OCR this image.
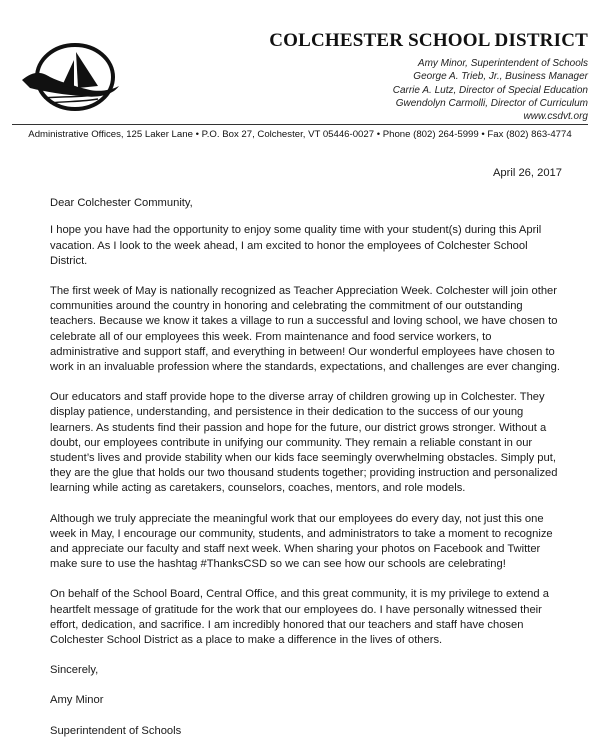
COLCHESTER SCHOOL DISTRICT
Amy Minor, Superintendent of Schools
George A. Trieb, Jr., Business Manager
Carrie A. Lutz, Director of Special Education
Gwendolyn Carmolli, Director of Curriculum
www.csdvt.org
Administrative Offices, 125 Laker Lane • P.O. Box 27, Colchester, VT 05446-0027 • Phone (802) 264-5999 • Fax (802) 863-4774

April 26, 2017

Dear Colchester Community,

I hope you have had the opportunity to enjoy some quality time with your student(s) during this April vacation. As I look to the week ahead, I am excited to honor the employees of Colchester School District.

The first week of May is nationally recognized as Teacher Appreciation Week. Colchester will join other communities around the country in honoring and celebrating the commitment of our outstanding teachers. Because we know it takes a village to run a successful and loving school, we have chosen to celebrate all of our employees this week. From maintenance and food service workers, to administrative and support staff, and everything in between! Our wonderful employees have chosen to work in an invaluable profession where the standards, expectations, and challenges are ever changing.

Our educators and staff provide hope to the diverse array of children growing up in Colchester. They display patience, understanding, and persistence in their dedication to the success of our young learners. As students find their passion and hope for the future, our district grows stronger. Without a doubt, our employees contribute in unifying our community. They remain a reliable constant in our student’s lives and provide stability when our kids face seemingly overwhelming obstacles. Simply put, they are the glue that holds our two thousand students together; providing instruction and personalized learning while acting as caretakers, counselors, coaches, mentors, and role models.

Although we truly appreciate the meaningful work that our employees do every day, not just this one week in May, I encourage our community, students, and administrators to take a moment to recognize and appreciate our faculty and staff next week. When sharing your photos on Facebook and Twitter make sure to use the hashtag #ThanksCSD so we can see how our schools are celebrating!

On behalf of the School Board, Central Office, and this great community, it is my privilege to extend a heartfelt message of gratitude for the work that our employees do. I have personally witnessed their effort, dedication, and sacrifice. I am incredibly honored that our teachers and staff have chosen Colchester School District as a place to make a difference in the lives of others.

Sincerely,

Amy Minor

Superintendent of Schools
